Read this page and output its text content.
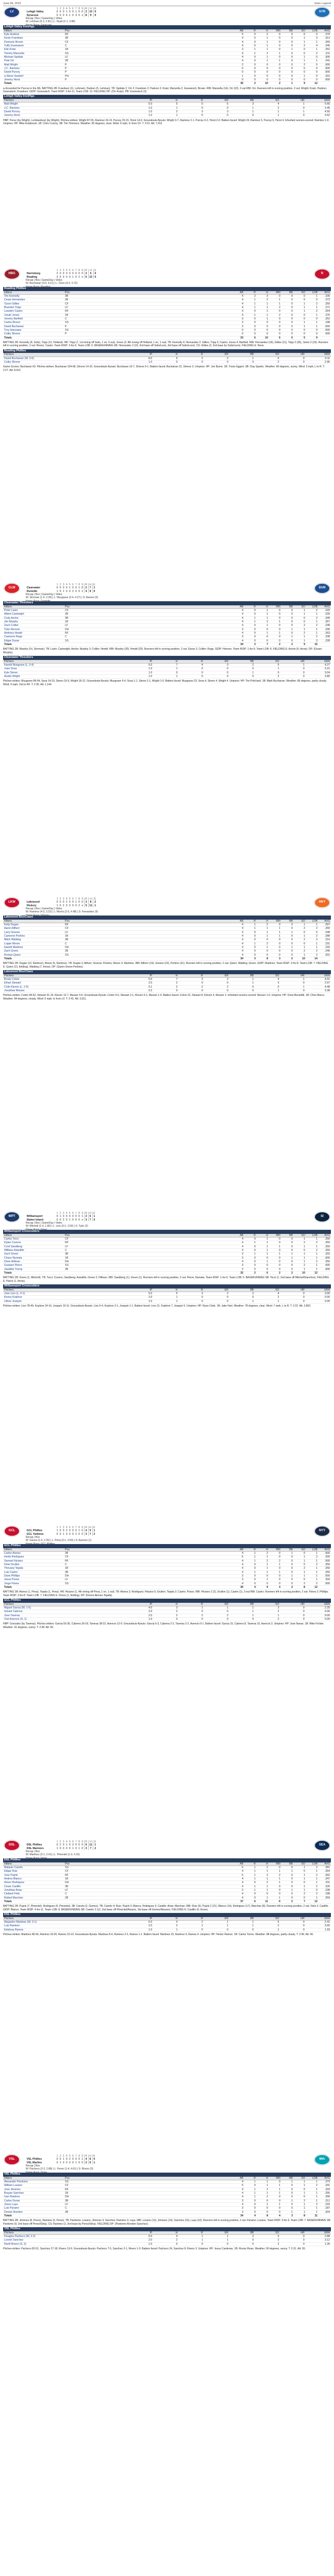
June 09, 2012	Stats Legend
LV	SYR
	1	2	3	4	5	6	7	8	9	R	H	E
Lehigh Valley	0	0	0	1	0	0	1	0	0	2	10	0
Syracuse	0	0	0	4	1	0	3	0	x	8	9	0
Recap | Box | GameDay | Video
W: Lehman (5-3, 2.81) | L: Hyatt (2-1, 3.88)
Home Runs: Syracuse
Lehigh Valley IronPigs
Hitters	Pos	AB	R	H	RBI	BB	SO	LOB	AVG
Kyle Hudson	RF	5	0	2	0	0	0	0	.270
Kevin Frandsen	3B	4	0	1	0	0	1	3	.313
Domonic Brown	CF	4	0	1	0	0	1	1	.269
Tuffy Gosewisch	C	4	0	1	0	0	2	4	.245
Erik Kratz	1B	3	1	1	0	1	0	1	.252
Tommy Manzella	SS	4	1	2	1	0	0	2	.211
Michael Spidale	LF	4	0	1	0	0	1	0	.306
Pete Orr	2B	4	0	1	1	0	1	1	.241
Matt Wright	P	2	0	0	0	0	2	0	.000
J.C. Ramirez	P	0	0	0	0	0	0	0	.000
David Purcey	P	0	0	0	0	0	0	0	.000
a-Steve Susdorf	PH	1	0	0	0	0	1	0	.316
Jeremy Horst	P	0	0	0	0	0	0	0	.000
Totals		35	2	10	2	1	9	12	
a-Grounded for Purcey in the 9th. BATTING 2B: Frandsen (11, Lehman), Hudson (5, Lehman). TB: Spidale 2; Orr 2; Frandsen 2; Hudson 3; Kratz; Manzella 2; Gosewisch; Brown. RBI: Manzella (14), Orr (22). 2-out RBI: Orr. Runners left in scoring position, 2 out: Wright; Kratz; Hudson; Gosewisch; Frandsen. GIDP: Gosewisch. Team RISP: 2-for-11. Team LOB: 12. FIELDING DP: (Orr-Kratz). PB: Gosewisch (3).
Lehigh Valley IronPigs
Pitchers	IP	H	R	ER	BB	SO	HR	ERA
Matt Wright	5.0	5	5	5	3	4	1	5.66
J.C. Ramirez	1.0	1	0	0	1	2	0	3.45
David Purcey	1.0	2	3	3	1	1	1	4.50
Jeremy Horst	1.0	1	0	0	0	1	0	3.62
HBP: Perez (by Wright), Lombardozzi (by Wright). Pitches-strikes: Wright 87-55, Ramirez 24-13, Purcey 25-15, Horst 14-9. Groundouts-flyouts: Wright 3-7, Ramirez 2-1, Purcey 0-2, Horst 2-0. Batters faced: Wright 24, Ramirez 5, Purcey 6, Horst 4. Inherited runners-scored: Ramirez 1-0. Umpires: HP: Mike Estabrook. 1B: Chris Conroy. 3B: Tim Timmons. Weather: 82 degrees, clear. Wind: 6 mph, In from CF. T: 2:51. Att: 7,412.
HBG	R
	1	2	3	4	5	6	7	8	9	R	H	E
Harrisburg	2	0	0	0	0	0	0	0	0	2	5	0
Reading	3	0	0	0	0	1	0	2	x	6	10	0
Recap | Box | GameDay | Video
W: Buchanan (3-0, 4.11) | L: Chen (4-2, 3.72)
Home Runs: Reading
Reading Phillies
Hitters	Pos	AB	R	H	RBI	BB	SO	LOB	AVG
Tim Kennelly	3B	4	2	3	0	0	0	1	.236
Cesar Hernandez	2B	4	1	2	1	0	0	0	.273
Tyson Gillies	CF	4	1	1	1	0	1	2	.250
Brandon Tripp	LF	4	1	1	2	0	1	1	.271
Leandro Castro	RF	4	0	1	0	0	1	2	.254
Jonah Jones	1B	4	1	1	2	0	0	1	.276
Jeremy Barfield	C	3	0	1	0	0	0	0	.252
Carlos Rivero	SS	3	0	0	0	0	1	1	.198
David Buchanan	P	3	0	0	0	0	1	1	.000
Troy Hanzawa	SS	0	0	0	0	0	0	0	.000
Colby Shreve	P	0	0	0	0	0	0	0	.000
Totals		33	6	10	6	0	5	9	
BATTING 2B: Kennelly (8, Solis), Tripp (12, Holland). HR: Tripp (7, 1st inning off Solis, 1 on, 0 out), Jones (3, 8th inning off Holland, 1 on, 1 out). TB: Kennelly 4; Hernandez 2; Gillies; Tripp 5; Castro; Jones 4; Barfield. RBI: Hernandez (18), Gillies (11), Tripp 2 (35), Jones 2 (23). Runners left in scoring position, 2 out: Rivero; Castro. Team RISP: 2-for-6. Team LOB: 5. BASERUNNING SB: Hernandez 2 (15, 2nd base off Solis/Leon, 3rd base off Solis/Leon). CS: Gillies (3, 2nd base by Solis/Leon). FIELDING E: None.
Reading Phillies
Pitchers	IP	H	R	ER	BB	SO	HR	ERA
David Buchanan (W, 3-0)	8.0	5	2	2	1	6	0	4.11
Colby Shreve	1.0	0	0	0	0	2	0	2.95
Game Scores: Buchanan 63. Pitches-strikes: Buchanan 104-68, Shreve 14-10. Groundouts-flyouts: Buchanan 10-7, Shreve 0-1. Batters faced: Buchanan 31, Shreve 3. Umpires: HP: Jon Byrne. 1B: Travis Eggert. 3B: Clay Sparks. Weather: 80 degrees, sunny. Wind: 3 mph, L to R. T: 2:27. Att: 8,412.
CLW	DUN
	1	2	3	4	5	6	7	8	9	R	H	E
Clearwater	0	0	0	0	1	0	0	1	0	2	7	1
Dunedin	1	0	1	0	0	2	0	0	x	4	9	0
Recap | Box | GameDay | Video
W: Stroman (1-0, 2.35) | L: Musgrave (3-4, 4.27) | S: Barnes (5)
Home Runs: Dunedin
Clearwater Threshers
Hitters	Pos	AB	R	H	RBI	BB	SO	LOB	AVG
Peter Lavin	CF	4	0	1	0	0	1	2	.220
Albert Cartwright	2B	4	0	1	0	0	1	1	.239
Cody Asche	3B	4	1	1	0	0	0	2	.349
Jim Murphy	1B	4	1	2	1	0	0	1	.267
Zach Collier	LF	4	0	1	0	0	2	2	.238
Tyler Henson	DH	3	0	0	0	1	1	1	.240
Anthony Hewitt	RF	4	0	1	1	0	2	1	.263
Cameron Rupp	C	3	0	0	0	1	1	2	.238
Edgar Duran	SS	4	0	0	0	0	1	3	.228
Totals		34	2	7	2	2	9	15	
BATTING 2B: Murphy (14, Stroman). TB: Lavin; Cartwright; Asche; Murphy 3; Collier; Hewitt. RBI: Murphy (30), Hewitt (20). Runners left in scoring position, 2 out: Duran 2; Collier; Rupp. GIDP: Henson. Team RISP: 1-for-9. Team LOB: 8. FIELDING E: Asche (9, throw). DP: (Duran-Murphy).
Clearwater Threshers
Pitchers	IP	H	R	ER	BB	SO	HR	ERA
Harold Musgrave (L, 3-4)	5.0	7	4	3	2	5	1	4.27
Juan Sosa	1.0	1	0	0	0	1	0	3.21
Kyle Simon	1.0	0	0	0	1	0	0	3.04
Austin Wright	1.0	1	0	0	0	2	0	3.80
Pitches-strikes: Musgrave 89-54, Sosa 14-10, Simon 16-9, Wright 18-12. Groundouts-flyouts: Musgrave 6-4, Sosa 1-1, Simon 2-1, Wright 1-0. Batters faced: Musgrave 23, Sosa 4, Simon 4, Wright 4. Umpires: HP: Tim Pritchard. 1B: Mark Buchanan. Weather: 86 degrees, partly cloudy. Wind: 9 mph, Out to RF. T: 2:35. Att: 1,144.
LKW	HKY
	1	2	3	4	5	6	7	8	9	R	H	E
Lakewood	0	0	0	2	0	0	1	0	0	3	8	2
Hickory	1	0	2	0	0	0	0	2	x	5	11	1
Recap | Box | GameDay | Video
W: Ramirez (4-3, 3.15) | L: Morris (2-5, 4.48) | S: Fernandez (9)
Home Runs: Hickory
Lakewood BlueClaws
Hitters	Pos	AB	R	H	RBI	BB	SO	LOB	AVG
Kelly Dugan	RF	4	1	2	0	0	1	1	.297
Aaron Altherr	CF	4	1	1	1	0	2	2	.260
Larry Greene	LF	3	0	1	1	1	0	0	.248
Cameron Perkins	1B	4	0	1	1	0	1	2	.288
Mitch Walding	3B	4	0	0	0	0	2	3	.219
Logan Moore	C	4	1	2	0	0	0	1	.231
Harold Martinez	DH	3	0	1	0	1	1	1	.233
Zach Green	2B	4	0	0	0	0	2	2	.245
Roman Quinn	SS	4	0	0	0	0	1	2	.201
Totals		34	3	8	3	2	10	14	
BATTING 2B: Dugan (13, Ramirez), Moore (6, Ramirez). TB: Dugan 3; Altherr; Greene; Perkins; Moore 3; Martinez. RBI: Altherr (19), Greene (22), Perkins (31). Runners left in scoring position, 2 out: Quinn; Walding; Green. GIDP: Martinez. Team RISP: 2-for-8. Team LOB: 7. FIELDING E: Quinn (13, fielding), Walding (7, throw). DP: (Quinn-Green-Perkins).
Lakewood BlueClaws
Pitchers	IP	H	R	ER	BB	SO	HR	ERA
Brody Colvin	5.0	7	3	2	1	4	1	4.01
Ethan Stewart	2.0	2	0	0	1	3	0	2.97
Colin Kleven (L, 2-5)	0.1	2	2	2	0	0	1	4.48
Jonathan Musser	0.2	0	0	0	0	1	0	3.38
Pitches-strikes: Colvin 84-52, Stewart 31-19, Kleven 12-7, Musser 9-6. Groundouts-flyouts: Colvin 5-6, Stewart 2-1, Kleven 0-1, Musser 1-0. Batters faced: Colvin 22, Stewart 8, Kleven 4, Musser 2. Inherited runners-scored: Musser 1-0. Umpires: HP: Drew Beneditti. 1B: Chris Marco. Weather: 84 degrees, cloudy. Wind: 5 mph, In from LF. T: 2:41. Att: 3,011.
WPT	SI
	1	2	3	4	5	6	7	8	9	R	H	E
Williamsport	0	1	0	0	0	0	0	0	1	2	6	1
Staten Island	0	0	2	0	1	0	0	0	x	3	7	0
Recap | Box | GameDay | Video
W: Mitchell (1-0, 1.80) | L: Lino (0-1, 3.00) | S: Tyler (2)
Home Runs: None
Williamsport Crosscutters
Hitters	Pos	AB	R	H	RBI	BB	SO	LOB	AVG
Carlos Tocci	CF	4	0	1	0	0	1	1	.250
Dylan Cozens	RF	4	1	1	0	0	2	2	.250
Cord Sandberg	LF	4	0	1	1	0	1	1	.250
Willians Astudillo	C	4	0	1	0	0	0	2	.250
Zach Green	3B	3	1	1	1	1	1	1	.333
Chace Numata	1B	3	0	0	0	1	1	1	.000
Drew Hillman	DH	4	0	1	0	0	1	2	.250
Gustavo Pierre	SS	3	0	0	0	0	2	1	.000
Jiandido Tromp	2B	3	0	0	0	0	1	1	.000
Totals		32	2	6	2	2	10	12	
BATTING 2B: Green (1, Mitchell). TB: Tocci; Cozens; Sandberg; Astudillo; Green 2; Hillman. RBI: Sandberg (1), Green (1). Runners left in scoring position, 2 out: Pierre; Numata. Team RISP: 1-for-6. Team LOB: 6. BASERUNNING SB: Tocci (1, 2nd base off Mitchell/Sanchez). FIELDING E: Pierre (1, throw).
Williamsport Crosscutters
Pitchers	IP	H	R	ER	BB	SO	HR	ERA
Jose Lino (L, 0-1)	5.0	5	3	2	2	4	0	3.00
Kenny Koplove	2.0	1	0	0	0	2	0	0.00
Ulises Joaquin	1.0	1	0	0	1	1	0	0.00
Pitches-strikes: Lino 78-49, Koplove 24-16, Joaquin 19-11. Groundouts-flyouts: Lino 6-4, Koplove 3-1, Joaquin 1-1. Batters faced: Lino 21, Koplove 7, Joaquin 5. Umpires: HP: Ryan Clark. 1B: Jake Hart. Weather: 78 degrees, clear. Wind: 7 mph, L to R. T: 2:22. Att: 2,803.
GCL	NYY
	1	2	3	4	5	6	7	8	9	R	H	E
GCL Phillies	1	0	0	2	0	0	0	1	0	4	9	1
GCL Yankees	0	0	1	0	0	0	2	0	0	3	7	2
Recap | Box
W: Garcia (1-0, 2.25) | L: Pena (0-1, 4.50) | S: Asencio (1)
Home Runs: GCL Phillies
GCL Phillies
Hitters	Pos	AB	R	H	RBI	BB	SO	LOB	AVG
Carlos Alonso	2B	4	1	2	0	1	0	1	.500
Herlis Rodriguez	CF	5	1	1	0	0	1	2	.200
Samuel Hiciano	RF	4	1	2	2	0	1	1	.500
Deivi Grullon	C	4	0	1	1	0	0	2	.250
Yhovany Tejada	1B	4	0	1	0	0	2	1	.250
Luis Castro	3B	4	1	1	1	0	1	1	.250
Dane Phillips	DH	3	0	0	0	1	1	1	.000
Jesus Posso	LF	3	0	1	0	0	0	1	.333
Jorge Flores	SS	4	0	0	0	0	2	2	.000
Totals		35	4	9	4	2	8	12	
BATTING 2B: Alonso (1, Pena), Tejada (1, Pena). HR: Hiciano (1, 4th inning off Pena, 1 on, 1 out). TB: Alonso 3; Rodriguez; Hiciano 5; Grullon; Tejada 2; Castro; Posso. RBI: Hiciano 2 (2), Grullon (1), Castro (1). 2-out RBI: Castro. Runners left in scoring position, 2 out: Flores 2; Phillips. Team RISP: 2-for-8. Team LOB: 7. FIELDING E: Flores (1, fielding). DP: (Flores-Alonso-Tejada).
GCL Phillies
Pitchers	IP	H	R	ER	BB	SO	HR	ERA
Miguel Garcia (W, 1-0)	4.0	3	1	1	1	3	0	2.25
Ismael Cabrera	2.0	2	0	0	1	2	0	0.00
Jose Taveras	2.0	2	2	2	1	1	0	9.00
Yoel Asencio (S, 1)	1.0	0	0	0	0	2	0	0.00
HBP: Gonzalez (by Taveras). Pitches-strikes: Garcia 55-36, Cabrera 30-18, Taveras 38-22, Asencio 12-9. Groundouts-flyouts: Garcia 5-3, Cabrera 2-2, Taveras 2-2, Asencio 0-1. Batters faced: Garcia 15, Cabrera 8, Taveras 10, Asencio 3. Umpires: HP: Jose Navas. 1B: Mike Fichter. Weather: 91 degrees, sunny. T: 2:38. Att: 65.
DSL	SEA
	1	2	3	4	5	6	7	8	9	R	H	E
DSL Phillies	0	2	0	1	0	3	0	0	0	6	11	1
DSL Mariners	1	0	0	0	0	1	0	1	0	3	7	2
Recap | Box
W: Martinez (3-1, 2.41) | L: Pimentel (1-3, 4.15)
Home Runs: None
DSL Phillies
Hitters	Pos	AB	R	H	RBI	BB	SO	LOB	AVG
Malquin Canelo	SS	5	1	2	0	0	1	2	.281
Edgar Ruiz	CF	4	1	1	1	1	0	1	.264
Jose Pujols	RF	5	1	2	2	0	1	2	.302
Andres Blanco	1B	4	1	1	1	0	1	1	.247
Arturo Rodriguez	DH	4	0	2	1	0	0	1	.311
Cesar Castillo	3B	4	1	1	0	0	1	2	.226
Jonathan Arias	LF	3	1	1	0	1	1	0	.238
Cleibert Feliz	C	4	0	0	0	0	2	2	.198
Rafael Marchan	2B	4	0	1	1	0	0	1	.259
Totals		37	6	11	6	2	7	12	
BATTING 2B: Pujols (7, Pimentel), Rodriguez (5, Pimentel). 3B: Canelo (2, Gomez). TB: Canelo 4; Ruiz; Pujols 3; Blanco; Rodriguez 3; Castillo; Arias; Marchan. RBI: Ruiz (9), Pujols 2 (21), Blanco (14), Rodriguez (17), Marchan (8). Runners left in scoring position, 2 out: Feliz 2; Castillo. GIDP: Blanco. Team RISP: 4-for-11. Team LOB: 8. BASERUNNING SB: Canelo 2 (12, 2nd base off Pimentel/Alvarez, 3rd base off Gomez/Alvarez). FIELDING E: Castillo (6, throw).
DSL Phillies
Pitchers	IP	H	R	ER	BB	SO	HR	ERA
Alejandro Martinez (W, 3-1)	6.0	4	2	1	1	6	0	2.41
Luis Ramirez	2.0	2	1	1	1	2	0	3.55
Edubray Ramos	1.0	1	0	0	0	1	0	1.93
Pitches-strikes: Martinez 86-56, Ramirez 33-20, Ramos 15-10. Groundouts-flyouts: Martinez 8-4, Ramirez 2-2, Ramos 1-1. Batters faced: Martinez 23, Ramirez 9, Ramos 4. Umpires: HP: Hector Ramos. 1B: Carlos Torres. Weather: 88 degrees, partly cloudy. T: 2:46. Att: 40.
VSL	MIA
	1	2	3	4	5	6	7	8	9	R	H	E
VSL Phillies	0	0	1	0	2	0	0	0	1	4	8	0
VSL Marlins	0	1	0	0	0	0	1	0	0	2	6	1
Recap | Box
W: Pacheco (2-2, 2.88) | L: Perez (1-4, 4.61) | S: Rivero (3)
Home Runs: None
VSL Phillies
Hitters	Pos	AB	R	H	RBI	BB	SO	LOB	AVG
Alexander Pardomo	SS	4	1	1	0	1	1	1	.273
William Lozano	CF	5	0	1	1	0	1	2	.241
Jose Jimenez	RF	4	1	2	1	0	0	1	.318
Brayan Sanchez	1B	4	1	1	1	0	1	1	.256
Ivan Ramirez	DH	4	1	2	0	0	0	1	.290
Carlos Duran	3B	3	0	0	0	1	2	1	.212
Jesus Laya	LF	4	0	1	1	0	1	2	.233
Luis Paramo	C	3	0	0	0	0	1	1	.187
Dennis Rondon	2B	3	0	0	0	1	1	1	.204
Totals		34	4	8	4	3	8	11	
BATTING 2B: Jimenez (8, Perez), Ramirez (6, Perez). TB: Pardomo; Lozano; Jimenez 3; Sanchez; Ramirez 3; Laya. RBI: Lozano (12), Jimenez (19), Sanchez (15), Laya (10). Runners left in scoring position, 2 out: Paramo; Lozano. Team RISP: 3-for-9. Team LOB: 7. BASERUNNING SB: Pardomo (9, 2nd base off Perez/Silva). CS: Ramirez (2, 2nd base by Perez/Silva). FIELDING DP: (Pardomo-Rondon-Sanchez).
VSL Phillies
Pitchers	IP	H	R	ER	BB	SO	HR	ERA
Douglas Pacheco (W, 2-2)	6.0	4	1	1	2	5	0	2.88
Leonel Sanchez	2.0	2	1	1	0	2	0	3.12
Ranfi Rivero (S, 3)	1.0	0	0	0	0	2	0	1.35
Pitches-strikes: Pacheco 82-51, Sanchez 27-18, Rivero 13-9. Groundouts-flyouts: Pacheco 7-5, Sanchez 2-1, Rivero 1-0. Batters faced: Pacheco 24, Sanchez 8, Rivero 3. Umpires: HP: Jesus Cardenas. 1B: Ronny Rivas. Weather: 90 degrees, sunny. T: 2:31. Att: 55.
